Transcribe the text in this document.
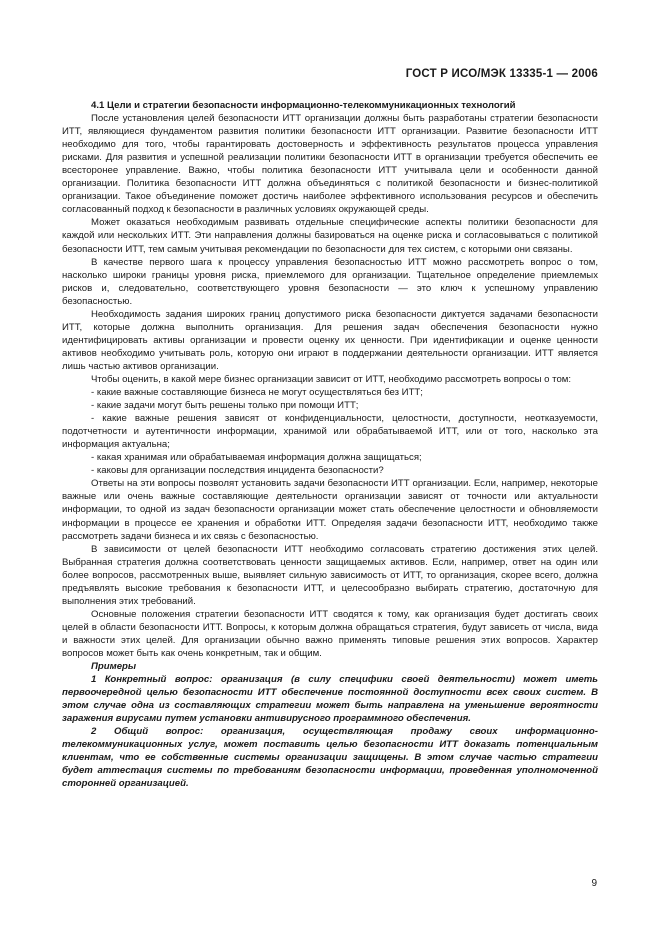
ГОСТ Р ИСО/МЭК 13335-1 — 2006

4.1 Цели и стратегии безопасности информационно-телекоммуникационных технологий

После установления целей безопасности ИТТ организации должны быть разработаны стратегии безопасности ИТТ, являющиеся фундаментом развития политики безопасности ИТТ организации. Развитие безопасности ИТТ необходимо для того, чтобы гарантировать достоверность и эффективность результатов процесса управления рисками. Для развития и успешной реализации политики безопасности ИТТ в организации требуется обеспечить ее всесторонее управление. Важно, чтобы политика безопасности ИТТ учитывала цели и особенности данной организации. Политика безопасности ИТТ должна объединяться с политикой безопасности и бизнес-политикой организации. Такое объединение поможет достичь наиболее эффективного использования ресурсов и обеспечить согласованный подход к безопасности в различных условиях окружающей среды.

Может оказаться необходимым развивать отдельные специфические аспекты политики безопасности для каждой или нескольких ИТТ. Эти направления должны базироваться на оценке риска и согласовываться с политикой безопасности ИТТ, тем самым учитывая рекомендации по безопасности для тех систем, с которыми они связаны.

В качестве первого шага к процессу управления безопасностью ИТТ можно рассмотреть вопрос о том, насколько широки границы уровня риска, приемлемого для организации. Тщательное определение приемлемых рисков и, следовательно, соответствующего уровня безопасности — это ключ к успешному управлению безопасностью.

Необходимость задания широких границ допустимого риска безопасности диктуется задачами безопасности ИТТ, которые должна выполнить организация. Для решения задач обеспечения безопасности нужно идентифицировать активы организации и провести оценку их ценности. При идентификации и оценке ценности активов необходимо учитывать роль, которую они играют в поддержании деятельности организации. ИТТ является лишь частью активов организации.

Чтобы оценить, в какой мере бизнес организации зависит от ИТТ, необходимо рассмотреть вопросы о том:

- какие важные составляющие бизнеса не могут осуществляться без ИТТ;

- какие задачи могут быть решены только при помощи ИТТ;

- какие важные решения зависят от конфиденциальности, целостности, доступности, неотказуемости, подотчетности и аутентичности информации, хранимой или обрабатываемой ИТТ, или от того, насколько эта информация актуальна;

- какая хранимая или обрабатываемая информация должна защищаться;

- каковы для организации последствия инцидента безопасности?

Ответы на эти вопросы позволят установить задачи безопасности ИТТ организации. Если, например, некоторые важные или очень важные составляющие деятельности организации зависят от точности или актуальности информации, то одной из задач безопасности организации может стать обеспечение целостности и обновляемости информации в процессе ее хранения и обработки ИТТ. Определяя задачи безопасности ИТТ, необходимо также рассмотреть задачи бизнеса и их связь с безопасностью.

В зависимости от целей безопасности ИТТ необходимо согласовать стратегию достижения этих целей. Выбранная стратегия должна соответствовать ценности защищаемых активов. Если, например, ответ на один или более вопросов, рассмотренных выше, выявляет сильную зависимость от ИТТ, то организация, скорее всего, должна предъявлять высокие требования к безопасности ИТТ, и целесообразно выбирать стратегию, достаточную для выполнения этих требований.

Основные положения стратегии безопасности ИТТ сводятся к тому, как организация будет достигать своих целей в области безопасности ИТТ. Вопросы, к которым должна обращаться стратегия, будут зависеть от числа, вида и важности этих целей. Для организации обычно важно применять типовые решения этих вопросов. Характер вопросов может быть как очень конкретным, так и общим.

Примеры

1 Конкретный вопрос: организация (в силу специфики своей деятельности) может иметь первоочередной целью безопасности ИТТ обеспечение постоянной доступности всех своих систем. В этом случае одна из составляющих стратегии может быть направлена на уменьшение вероятности заражения вирусами путем установки антивирусного программного обеспечения.

2 Общий вопрос: организация, осуществляющая продажу своих информационно-телекоммуникационных услуг, может поставить целью безопасности ИТТ доказать потенциальным клиентам, что ее собственные системы организации защищены. В этом случае частью стратегии будет аттестация системы по требованиям безопасности информации, проведенная уполномоченной сторонней организацией.

9
